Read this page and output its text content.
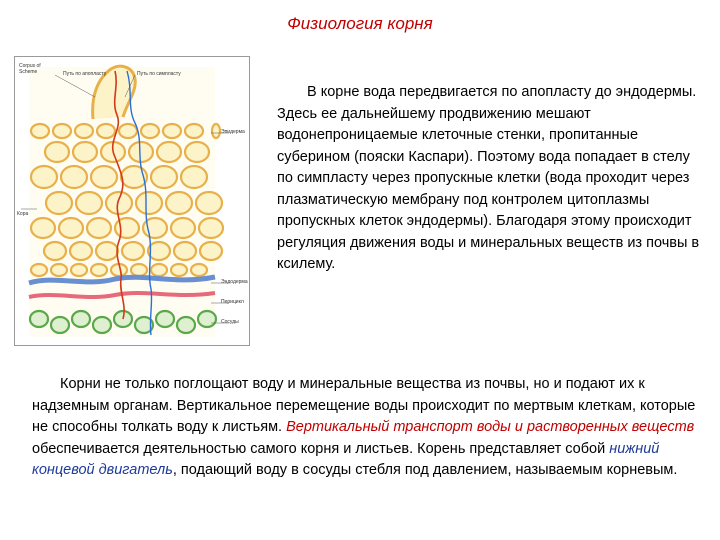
Физиология корня
Corpus of Scheme	Путь по апопласту	Путь по симпласту
Эпидерма
Кора
Эндодерма
Перицикл
Сосуды
В корне вода передвигается по апопласту до эндодермы. Здесь ее дальнейшему продвижению мешают водонепроницаемые клеточные стенки, пропитанные суберином (пояски Каспари). Поэтому вода попадает в стелу по симпласту через пропускные клетки (вода проходит через плазматическую мембрану под контролем цитоплазмы пропускных клеток эндодермы). Благодаря этому происходит регуляция движения воды и минеральных веществ из почвы в ксилему.
Корни не только поглощают воду и минеральные вещества из почвы, но и подают их к надземным органам. Вертикальное перемещение воды происходит по мертвым клеткам, которые не способны толкать воду к листьям. Вертикальный транспорт воды и растворенных веществ обеспечивается деятельностью самого корня и листьев. Корень представляет собой нижний концевой двигатель, подающий воду в сосуды стебля под давлением, называемым корневым.
